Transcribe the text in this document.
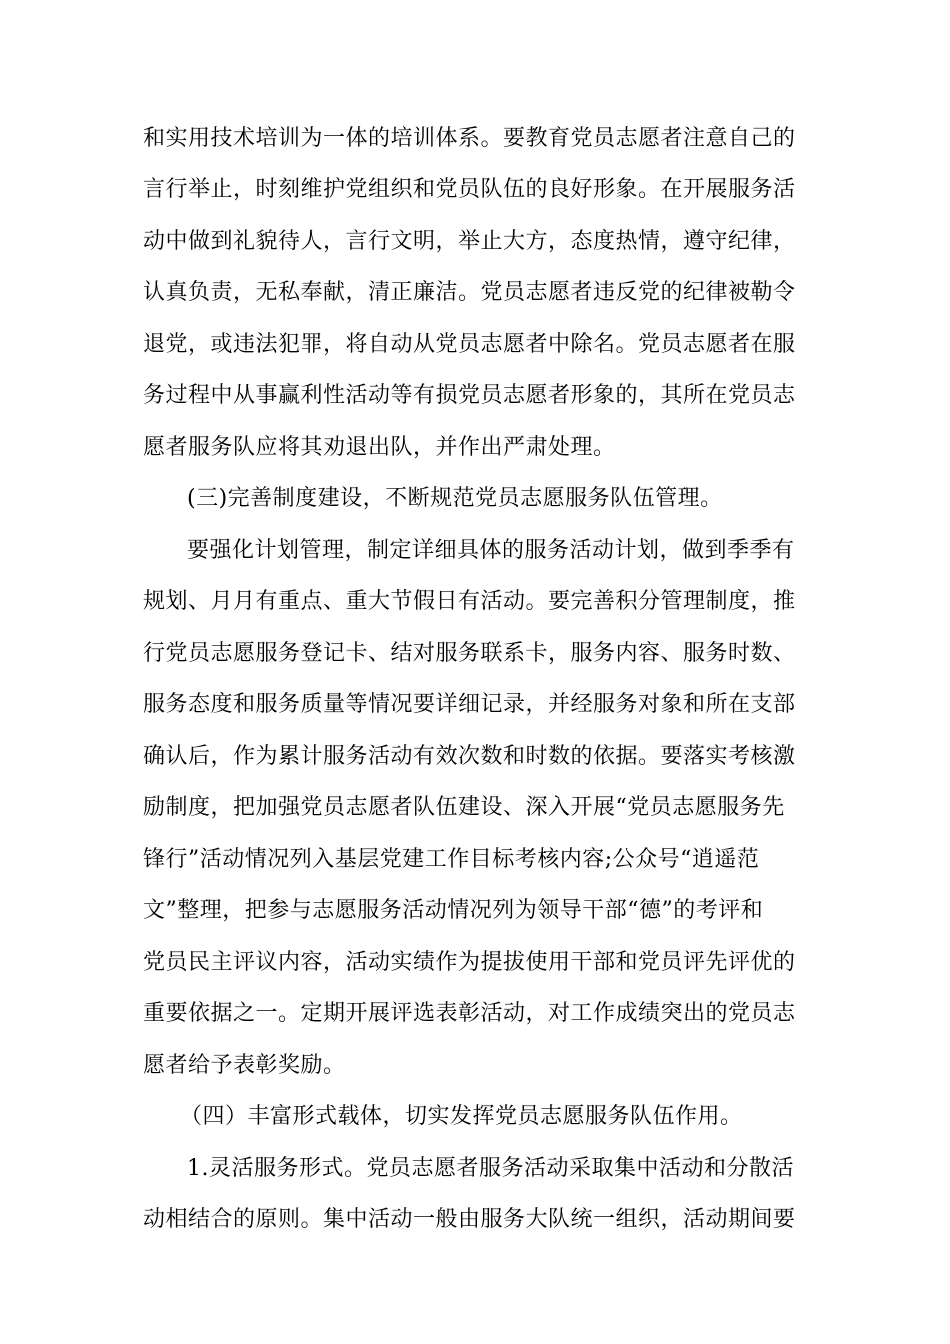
和实用技术培训为一体的培训体系。要教育党员志愿者注意自己的
言行举止，时刻维护党组织和党员队伍的良好形象。在开展服务活
动中做到礼貌待人，言行文明，举止大方，态度热情，遵守纪律，
认真负责，无私奉献，清正廉洁。党员志愿者违反党的纪律被勒令
退党，或违法犯罪，将自动从党员志愿者中除名。党员志愿者在服
务过程中从事赢利性活动等有损党员志愿者形象的，其所在党员志
愿者服务队应将其劝退出队，并作出严肃处理。
(三)完善制度建设，不断规范党员志愿服务队伍管理。
要强化计划管理，制定详细具体的服务活动计划，做到季季有
规划、月月有重点、重大节假日有活动。要完善积分管理制度，推
行党员志愿服务登记卡、结对服务联系卡，服务内容、服务时数、
服务态度和服务质量等情况要详细记录，并经服务对象和所在支部
确认后，作为累计服务活动有效次数和时数的依据。要落实考核激
励制度，把加强党员志愿者队伍建设、深入开展“党员志愿服务先
锋行”活动情况列入基层党建工作目标考核内容;公众号“逍遥范
文”整理，把参与志愿服务活动情况列为领导干部“德”的考评和
党员民主评议内容，活动实绩作为提拔使用干部和党员评先评优的
重要依据之一。定期开展评选表彰活动，对工作成绩突出的党员志
愿者给予表彰奖励。
（四）丰富形式载体，切实发挥党员志愿服务队伍作用。
1.灵活服务形式。党员志愿者服务活动采取集中活动和分散活
动相结合的原则。集中活动一般由服务大队统一组织，活动期间要
